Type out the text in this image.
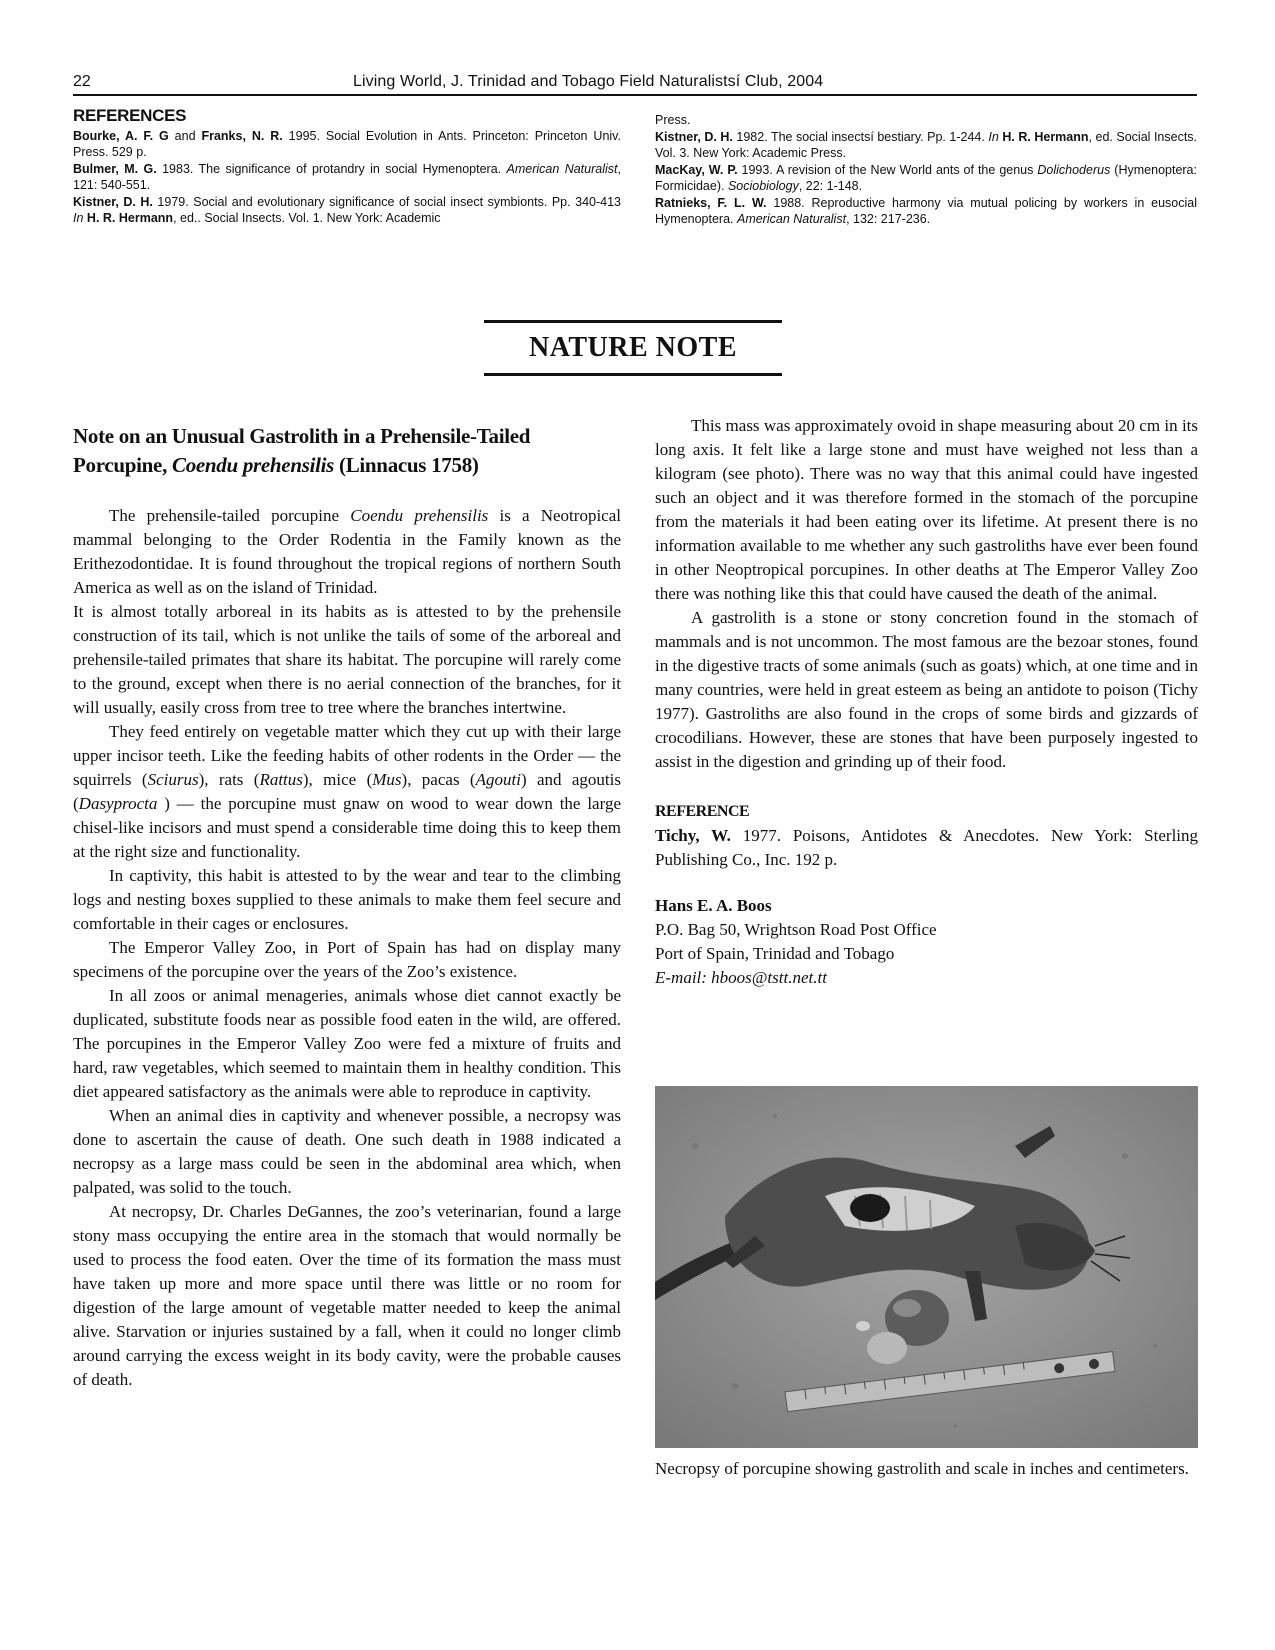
22	Living World, J. Trinidad and Tobago Field Naturalistsí Club, 2004

REFERENCES

Bourke, A. F. G and Franks, N. R. 1995. Social Evolution in Ants. Princeton: Princeton Univ. Press. 529 p.

Bulmer, M. G. 1983. The significance of protandry in social Hymenoptera. American Naturalist, 121: 540-551.

Kistner, D. H. 1979. Social and evolutionary significance of social insect symbionts. Pp. 340-413 In H. R. Hermann, ed.. Social Insects. Vol. 1. New York: Academic

Press.

Kistner, D. H. 1982. The social insectsí bestiary. Pp. 1-244. In H. R. Hermann, ed. Social Insects. Vol. 3. New York: Academic Press.

MacKay, W. P. 1993. A revision of the New World ants of the genus Dolichoderus (Hymenoptera: Formicidae). Sociobiology, 22: 1-148.

Ratnieks, F. L. W. 1988. Reproductive harmony via mutual policing by workers in eusocial Hymenoptera. American Naturalist, 132: 217-236.

NATURE NOTE
Note on an Unusual Gastrolith in a Prehensile-Tailed
Porcupine, Coendu prehensilis (Linnacus 1758)

The prehensile-tailed porcupine Coendu prehensilis is a Neotropical mammal belonging to the Order Rodentia in the Family known as the Erithezodontidae. It is found throughout the tropical regions of northern South America as well as on the island of Trinidad.

It is almost totally arboreal in its habits as is attested to by the prehensile construction of its tail, which is not unlike the tails of some of the arboreal and prehensile-tailed primates that share its habitat. The porcupine will rarely come to the ground, except when there is no aerial connection of the branches, for it will usually, easily cross from tree to tree where the branches intertwine.

They feed entirely on vegetable matter which they cut up with their large upper incisor teeth. Like the feeding habits of other rodents in the Order — the squirrels (Sciurus), rats (Rattus), mice (Mus), pacas (Agouti) and agoutis (Dasyprocta ) — the porcupine must gnaw on wood to wear down the large chisel-like incisors and must spend a considerable time doing this to keep them at the right size and functionality.

In captivity, this habit is attested to by the wear and tear to the climbing logs and nesting boxes supplied to these animals to make them feel secure and comfortable in their cages or enclosures.

The Emperor Valley Zoo, in Port of Spain has had on display many specimens of the porcupine over the years of the Zoo’s existence.

In all zoos or animal menageries, animals whose diet cannot exactly be duplicated, substitute foods near as possible food eaten in the wild, are offered. The porcupines in the Emperor Valley Zoo were fed a mixture of fruits and hard, raw vegetables, which seemed to maintain them in healthy condition. This diet appeared satisfactory as the animals were able to reproduce in captivity.

When an animal dies in captivity and whenever possible, a necropsy was done to ascertain the cause of death. One such death in 1988 indicated a necropsy as a large mass could be seen in the abdominal area which, when palpated, was solid to the touch.

At necropsy, Dr. Charles DeGannes, the zoo’s veterinarian, found a large stony mass occupying the entire area in the stomach that would normally be used to process the food eaten. Over the time of its formation the mass must have taken up more and more space until there was little or no room for digestion of the large amount of vegetable matter needed to keep the animal alive. Starvation or injuries sustained by a fall, when it could no longer climb around carrying the excess weight in its body cavity, were the probable causes of death.

This mass was approximately ovoid in shape measuring about 20 cm in its long axis. It felt like a large stone and must have weighed not less than a kilogram (see photo). There was no way that this animal could have ingested such an object and it was therefore formed in the stomach of the porcupine from the materials it had been eating over its lifetime. At present there is no information available to me whether any such gastroliths have ever been found in other Neoptropical porcupines. In other deaths at The Emperor Valley Zoo there was nothing like this that could have caused the death of the animal.

A gastrolith is a stone or stony concretion found in the stomach of mammals and is not uncommon. The most famous are the bezoar stones, found in the digestive tracts of some animals (such as goats) which, at one time and in many countries, were held in great esteem as being an antidote to poison (Tichy 1977). Gastroliths are also found in the crops of some birds and gizzards of crocodilians. However, these are stones that have been purposely ingested to assist in the digestion and grinding up of their food.

REFERENCE

Tichy, W. 1977. Poisons, Antidotes & Anecdotes. New York: Sterling Publishing Co., Inc. 192 p.

Hans E. A. Boos

P.O. Bag 50, Wrightson Road Post Office

Port of Spain, Trinidad and Tobago

E-mail: hboos@tstt.net.tt

Necropsy of porcupine showing gastrolith and scale in inches and centimeters.
